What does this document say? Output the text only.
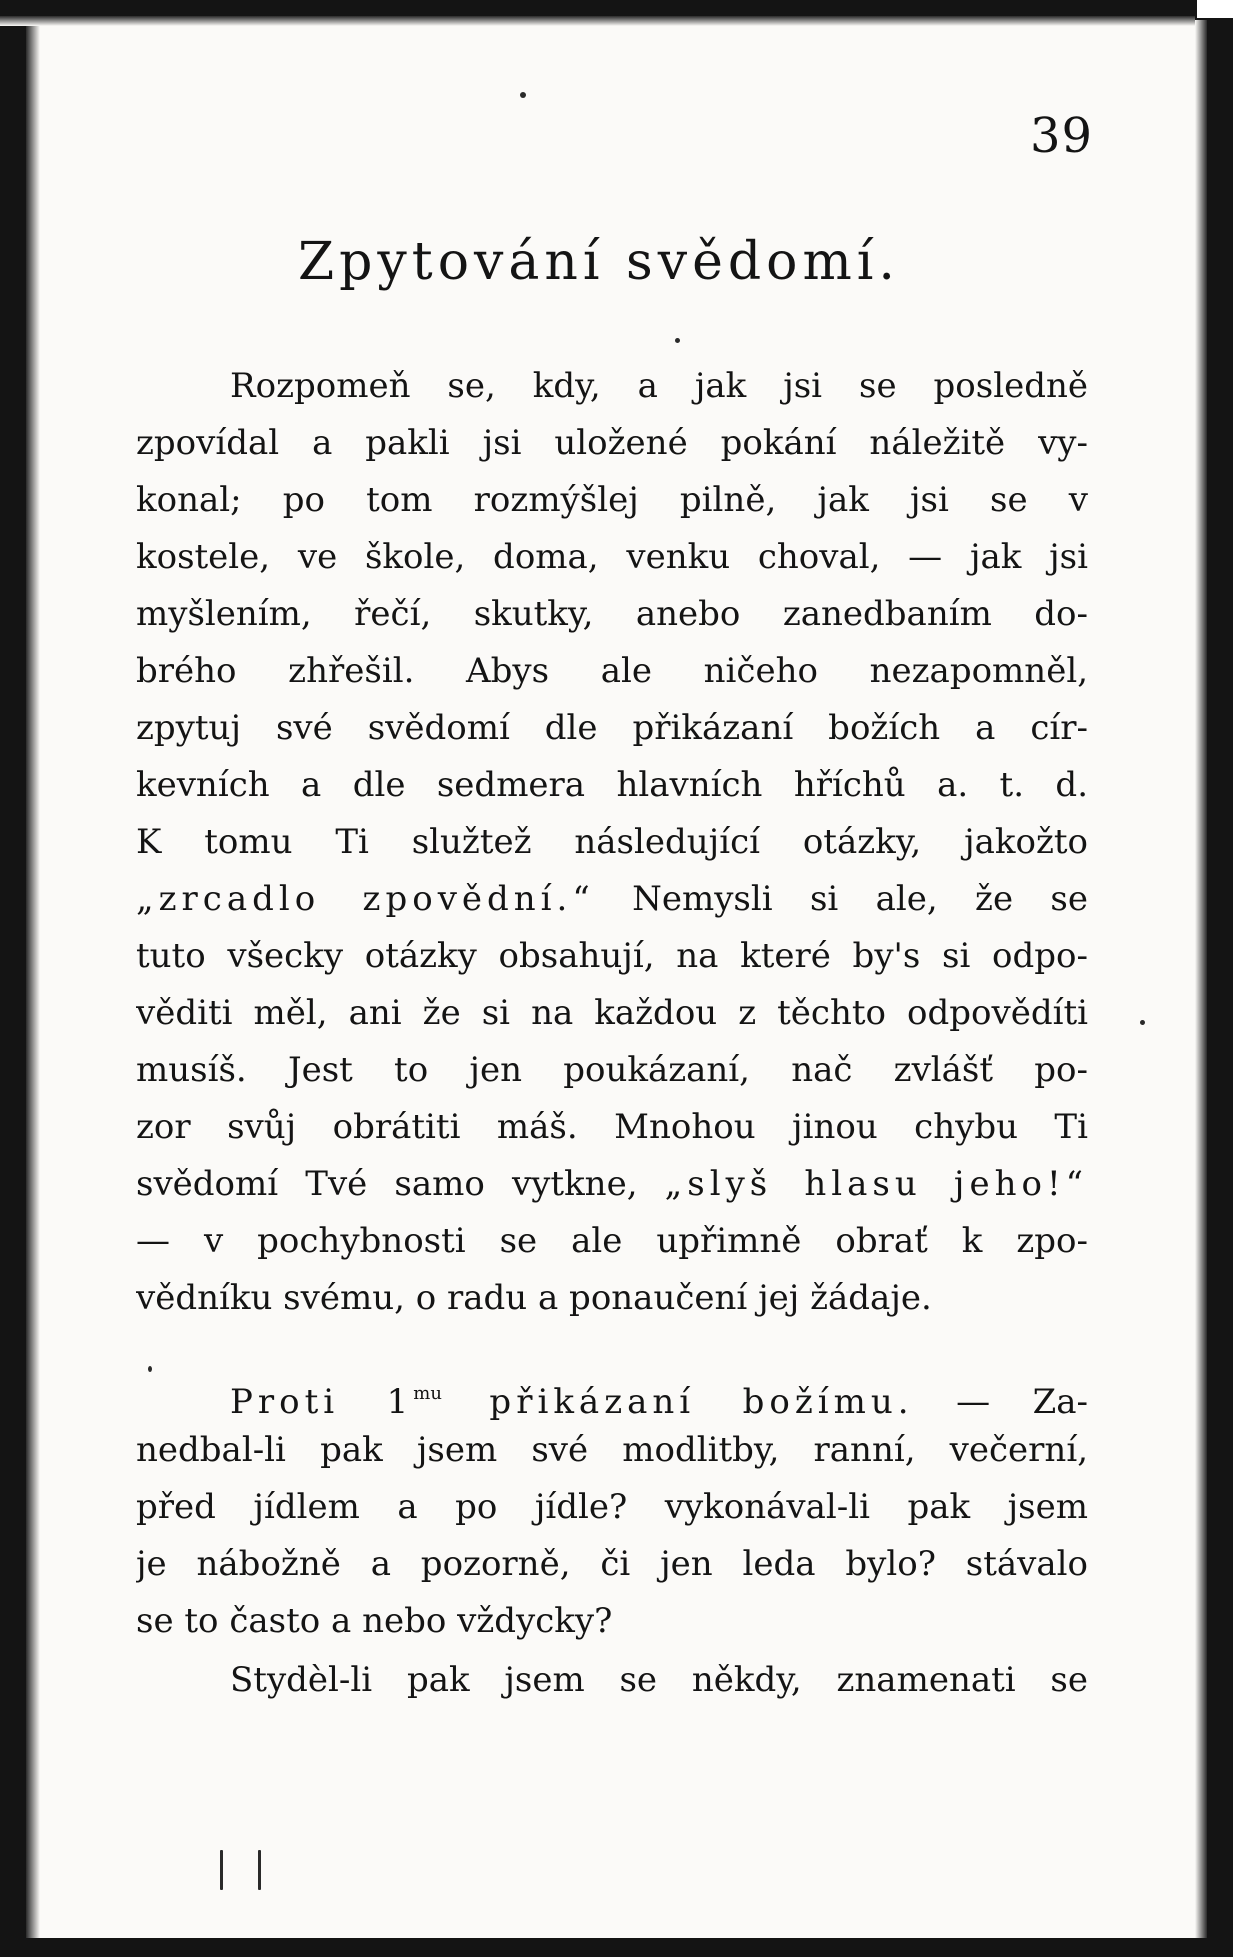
39
Zpytování svědomí.
Rozpomeň se, kdy, a jak jsi se posledně
zpovídal a pakli jsi uložené pokání náležitě vy-
konal; po tom rozmýšlej pilně, jak jsi se v
kostele, ve škole, doma, venku choval, — jak jsi
myšlením, řečí, skutky, anebo zanedbaním do-
brého zhřešil. Abys ale ničeho nezapomněl,
zpytuj své svědomí dle přikázaní božích a cír-
kevních a dle sedmera hlavních hříchů a. t. d.
K tomu Ti služtež následující otázky, jakožto
„zrcadlo zpovědní.“ Nemysli si ale, že se
tuto všecky otázky obsahují, na které by's si odpo-
věditi měl, ani že si na každou z těchto odpovědíti
musíš. Jest to jen poukázaní, nač zvlášť po-
zor svůj obrátiti máš. Mnohou jinou chybu Ti
svědomí Tvé samo vytkne, „slyš hlasu jeho!“
— v pochybnosti se ale upřimně obrať k zpo-
vědníku svému, o radu a ponaučení jej žádaje.
Proti $1^{mu}$ přikázaní božímu. — Za-
nedbal-li pak jsem své modlitby, ranní, večerní,
před jídlem a po jídle? vykonával-li pak jsem
je nábožně a pozorně, či jen leda bylo? stávalo
se to často a nebo vždycky?
Stydèl-li pak jsem se někdy, znamenati se
